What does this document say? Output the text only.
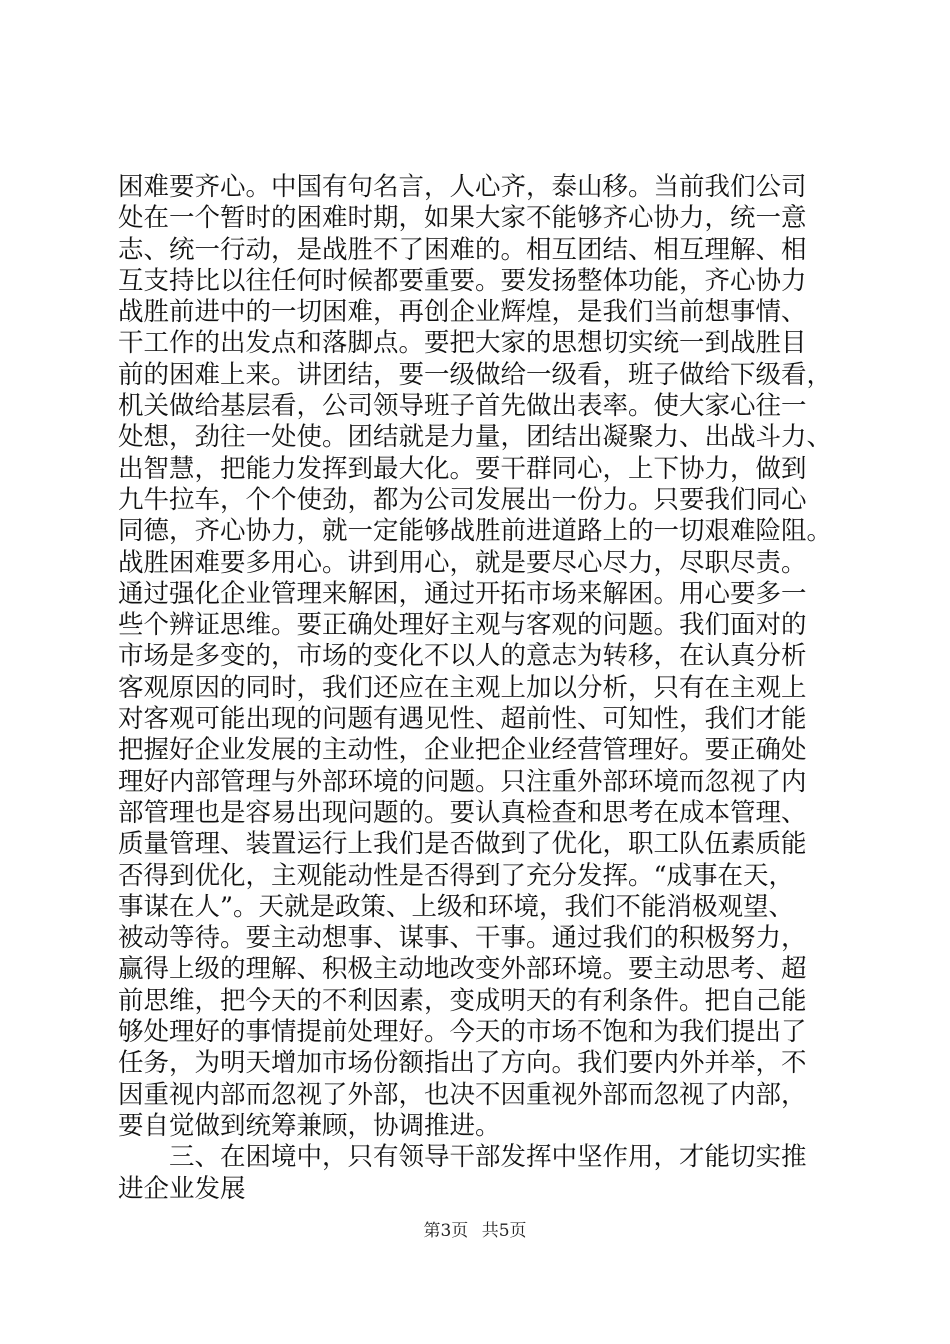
困难要齐心。中国有句名言，人心齐，泰山移。当前我们公司
处在一个暂时的困难时期，如果大家不能够齐心协力，统一意
志、统一行动，是战胜不了困难的。相互团结、相互理解、相
互支持比以往任何时候都要重要。要发扬整体功能，齐心协力
战胜前进中的一切困难，再创企业辉煌，是我们当前想事情、
干工作的出发点和落脚点。要把大家的思想切实统一到战胜目
前的困难上来。讲团结，要一级做给一级看，班子做给下级看，
机关做给基层看，公司领导班子首先做出表率。使大家心往一
处想，劲往一处使。团结就是力量，团结出凝聚力、出战斗力、
出智慧，把能力发挥到最大化。要干群同心，上下协力，做到
九牛拉车，个个使劲，都为公司发展出一份力。只要我们同心
同德，齐心协力，就一定能够战胜前进道路上的一切艰难险阻。
战胜困难要多用心。讲到用心，就是要尽心尽力，尽职尽责。
通过强化企业管理来解困，通过开拓市场来解困。用心要多一
些个辨证思维。要正确处理好主观与客观的问题。我们面对的
市场是多变的，市场的变化不以人的意志为转移，在认真分析
客观原因的同时，我们还应在主观上加以分析，只有在主观上
对客观可能出现的问题有遇见性、超前性、可知性，我们才能
把握好企业发展的主动性，企业把企业经营管理好。要正确处
理好内部管理与外部环境的问题。只注重外部环境而忽视了内
部管理也是容易出现问题的。要认真检查和思考在成本管理、
质量管理、装置运行上我们是否做到了优化，职工队伍素质能
否得到优化，主观能动性是否得到了充分发挥。“成事在天，
事谋在人”。天就是政策、上级和环境，我们不能消极观望、
被动等待。要主动想事、谋事、干事。通过我们的积极努力，
赢得上级的理解、积极主动地改变外部环境。要主动思考、超
前思维，把今天的不利因素，变成明天的有利条件。把自己能
够处理好的事情提前处理好。今天的市场不饱和为我们提出了
任务，为明天增加市场份额指出了方向。我们要内外并举，不
因重视内部而忽视了外部，也决不因重视外部而忽视了内部，
要自觉做到统筹兼顾，协调推进。
　　三、在困境中，只有领导干部发挥中坚作用，才能切实推
进企业发展
第3页 共5页
